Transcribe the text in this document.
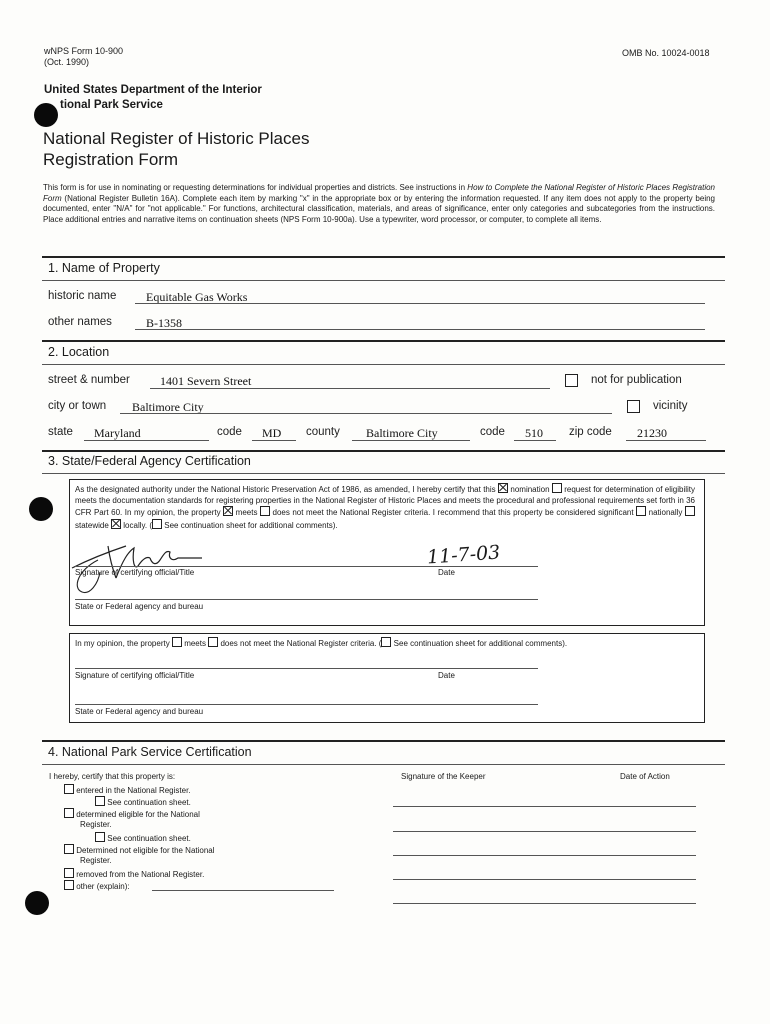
wNPS Form 10-900
(Oct. 1990)
OMB No. 10024-0018
United States Department of the Interior
tional Park Service
National Register of Historic Places
Registration Form
This form is for use in nominating or requesting determinations for individual properties and districts. See instructions in How to Complete the National Register of Historic Places Registration Form (National Register Bulletin 16A). Complete each item by marking "x" in the appropriate box or by entering the information requested. If any item does not apply to the property being documented, enter "N/A" for "not applicable." For functions, architectural classification, materials, and areas of significance, enter only categories and subcategories from the instructions. Place additional entries and narrative items on continuation sheets (NPS Form 10-900a). Use a typewriter, word processor, or computer, to complete all items.
1. Name of Property
historic name Equitable Gas Works
other names	B-1358
2. Location
street & number	1401 Severn Street	not for publication
city or town Baltimore City	vicinity
state Maryland	code MD county Baltimore City	code 510 zip code 21230
3. State/Federal Agency Certification
As the designated authority under the National Historic Preservation Act of 1986, as amended, I hereby certify that this nomination request for determination of eligibility meets the documentation standards for registering properties in the National Register of Historic Places and meets the procedural and professional requirements set forth in 36 CFR Part 60. In my opinion, the property meets does not meet the National Register criteria. I recommend that this property be considered significant nationally  statewide locally. ( See continuation sheet for additional comments).
11-7-03
Signature of certifying official/Title	Date
State or Federal agency and bureau
In my opinion, the property meets does not meet the National Register criteria. ( See continuation sheet for additional comments).
Signature of certifying official/Title	Date
State or Federal agency and bureau
4. National Park Service Certification
I hereby, certify that this property is:	Signature of the Keeper	Date of Action
entered in the National Register.
See continuation sheet.
determined eligible for the National
Register.
See continuation sheet.
Determined not eligible for the National
Register.
removed from the National Register.
other (explain):
